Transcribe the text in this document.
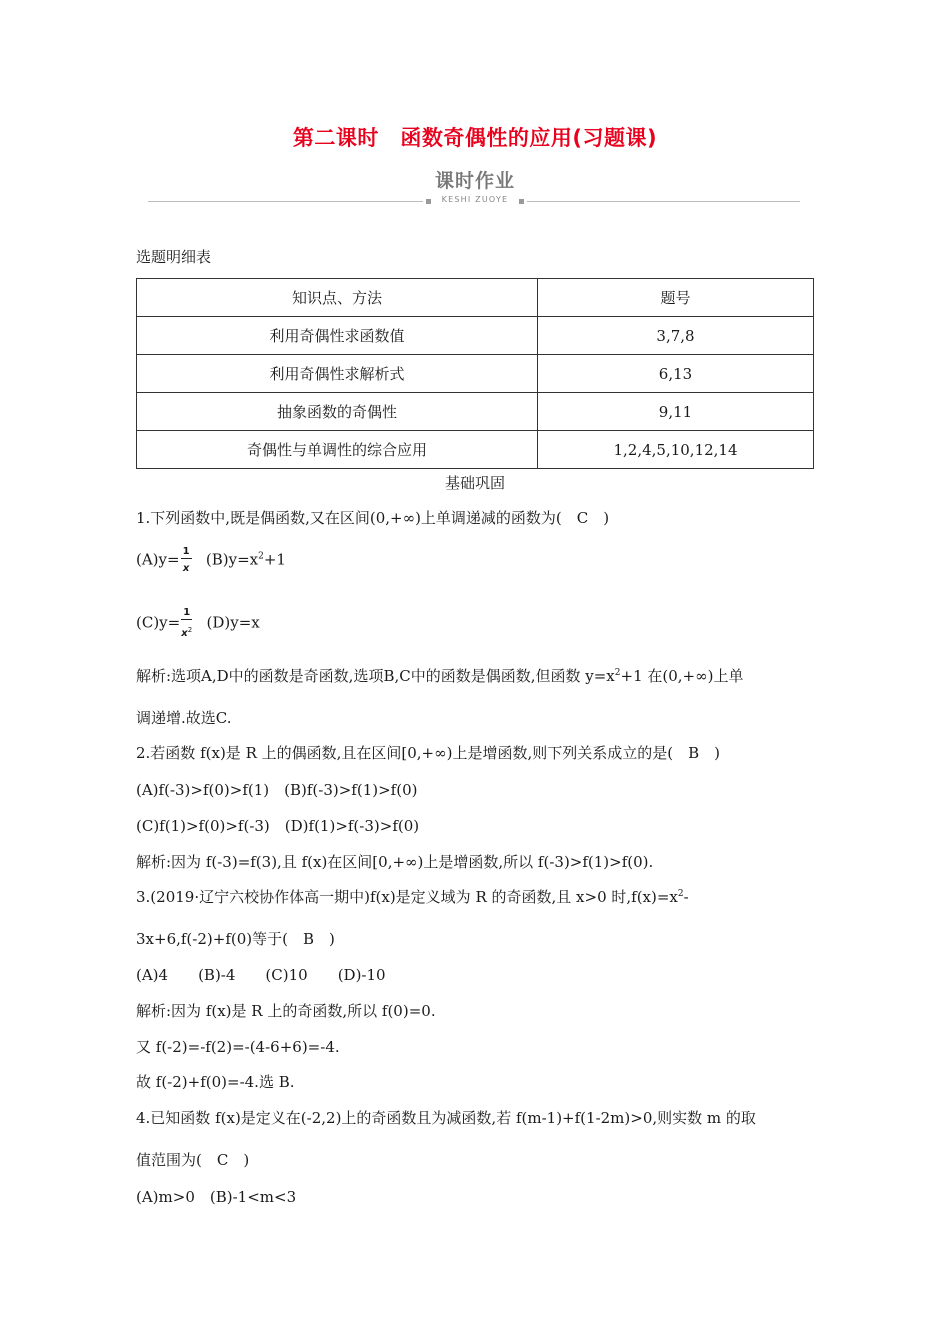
第二课时　函数奇偶性的应用(习题课)
课时作业
KESHI ZUOYE
选题明细表
知识点、方法	题号
利用奇偶性求函数值	3,7,8
利用奇偶性求解析式	6,13
抽象函数的奇偶性	9,11
奇偶性与单调性的综合应用	1,2,4,5,10,12,14
基础巩固
1.下列函数中,既是偶函数,又在区间(0,+∞)上单调递减的函数为(　C　)
$(A)y= \frac{1}{x} (B)y=x^2+1$
$(C)y= \frac{1}{x^2} (D)y=x$
解析:选项A,D中的函数是奇函数,选项B,C中的函数是偶函数,但函数 $y=x^2+1$ 在(0,+∞)上单
调递增.故选C.
2.若函数 f(x)是 R 上的偶函数,且在区间[0,+∞)上是增函数,则下列关系成立的是(　B　)
(A)f(-3)>f(0)>f(1)　(B)f(-3)>f(1)>f(0)
(C)f(1)>f(0)>f(-3)　(D)f(1)>f(-3)>f(0)
解析:因为 f(-3)=f(3),且 f(x)在区间[0,+∞)上是增函数,所以 f(-3)>f(1)>f(0).
3.(2019·辽宁六校协作体高一期中)f(x)是定义域为 R 的奇函数,且 x>0 时$,f(x)=x^2-$
3x+6,f(-2)+f(0)等于(　B　)
(A)4　　(B)-4　　(C)10　　(D)-10
解析:因为 f(x)是 R 上的奇函数,所以 f(0)=0.
又 f(-2)=-f(2)=-(4-6+6)=-4.
故 f(-2)+f(0)=-4.选 B.
4.已知函数 f(x)是定义在(-2,2)上的奇函数且为减函数,若 f(m-1)+f(1-2m)>0,则实数 m 的取
值范围为(　C　)
(A)m>0　(B)-1<m<3
